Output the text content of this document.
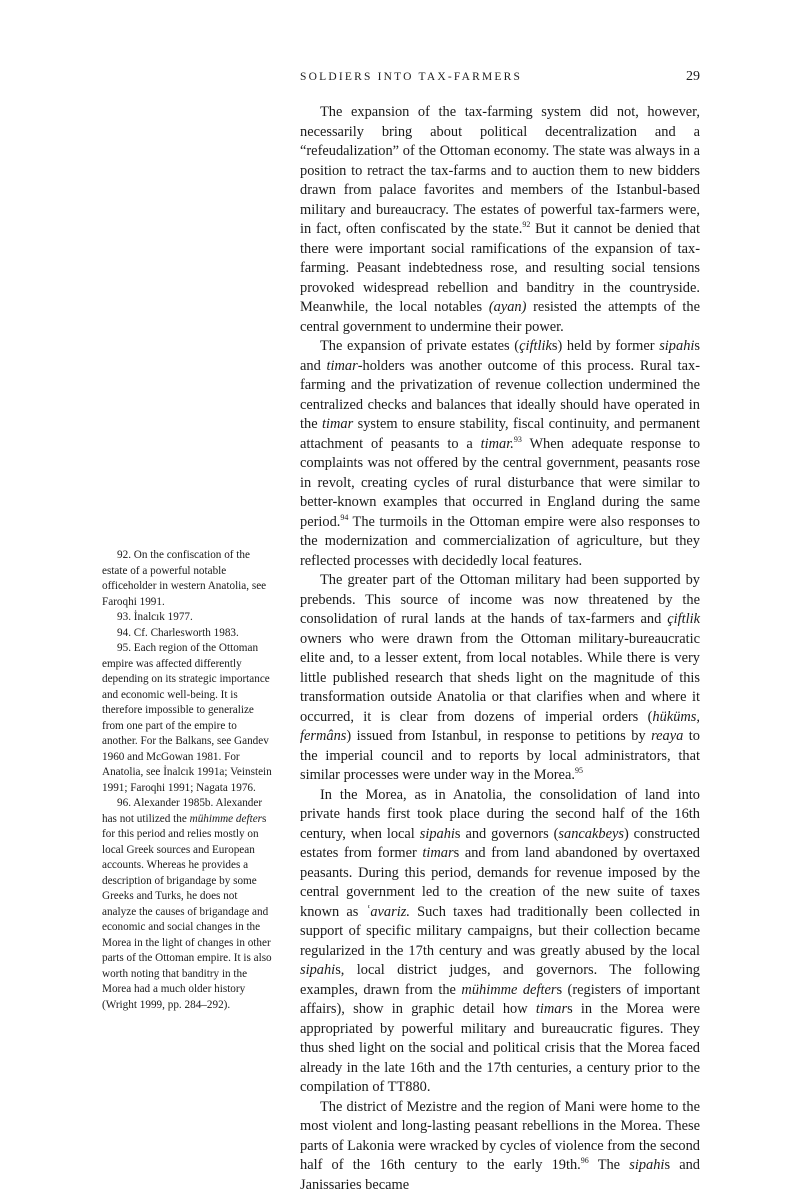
SOLDIERS INTO TAX-FARMERS	29

The expansion of the tax-farming system did not, however, necessarily bring about political decentralization and a “refeudalization” of the Ottoman economy. The state was always in a position to retract the tax-farms and to auction them to new bidders drawn from palace favorites and members of the Istanbul-based military and bureaucracy. The estates of powerful tax-farmers were, in fact, often confiscated by the state.$^{92}$ But it cannot be denied that there were important social ramifications of the expansion of tax-farming. Peasant indebtedness rose, and resulting social tensions provoked widespread rebellion and banditry in the countryside. Meanwhile, the local notables (ayan) resisted the attempts of the central government to undermine their power.

The expansion of private estates (çiftliks) held by former sipahis and timar-holders was another outcome of this process. Rural tax-farming and the privatization of revenue collection undermined the centralized checks and balances that ideally should have operated in the timar system to ensure stability, fiscal continuity, and permanent attachment of peasants to a timar.$^{93}$ When adequate response to complaints was not offered by the central government, peasants rose in revolt, creating cycles of rural disturbance that were similar to better-known examples that occurred in England during the same period.$^{94}$ The turmoils in the Ottoman empire were also responses to the modernization and commercialization of agriculture, but they reflected processes with decidedly local features.

The greater part of the Ottoman military had been supported by prebends. This source of income was now threatened by the consolidation of rural lands at the hands of tax-farmers and çiftlik owners who were drawn from the Ottoman military-bureaucratic elite and, to a lesser extent, from local notables. While there is very little published research that sheds light on the magnitude of this transformation outside Anatolia or that clarifies when and where it occurred, it is clear from dozens of imperial orders (hüküms, fermâns) issued from Istanbul, in response to petitions by reaya to the imperial council and to reports by local administrators, that similar processes were under way in the Morea.$^{95}$

In the Morea, as in Anatolia, the consolidation of land into private hands first took place during the second half of the 16th century, when local sipahis and governors (sancakbeys) constructed estates from former timars and from land abandoned by overtaxed peasants. During this period, demands for revenue imposed by the central government led to the creation of the new suite of taxes known as ʿavariz. Such taxes had traditionally been collected in support of specific military campaigns, but their collection became regularized in the 17th century and was greatly abused by the local sipahis, local district judges, and governors. The following examples, drawn from the mühimme defters (registers of important affairs), show in graphic detail how timars in the Morea were appropriated by powerful military and bureaucratic figures. They thus shed light on the social and political crisis that the Morea faced already in the late 16th and the 17th centuries, a century prior to the compilation of TT880.

The district of Mezistre and the region of Mani were home to the most violent and long-lasting peasant rebellions in the Morea. These parts of Lakonia were wracked by cycles of violence from the second half of the 16th century to the early 19th.$^{96}$ The sipahis and Janissaries became

92. On the confiscation of the estate of a powerful notable officeholder in western Anatolia, see Faroqhi 1991.

93. İnalcık 1977.

94. Cf. Charlesworth 1983.

95. Each region of the Ottoman empire was affected differently depending on its strategic importance and economic well-being. It is therefore impossible to generalize from one part of the empire to another. For the Balkans, see Gandev 1960 and McGowan 1981. For Anatolia, see İnalcık 1991a; Veinstein 1991; Faroqhi 1991; Nagata 1976.

96. Alexander 1985b. Alexander has not utilized the mühimme defters for this period and relies mostly on local Greek sources and European accounts. Whereas he provides a description of brigandage by some Greeks and Turks, he does not analyze the causes of brigandage and economic and social changes in the Morea in the light of changes in other parts of the Ottoman empire. It is also worth noting that banditry in the Morea had a much older history (Wright 1999, pp. 284–292).
